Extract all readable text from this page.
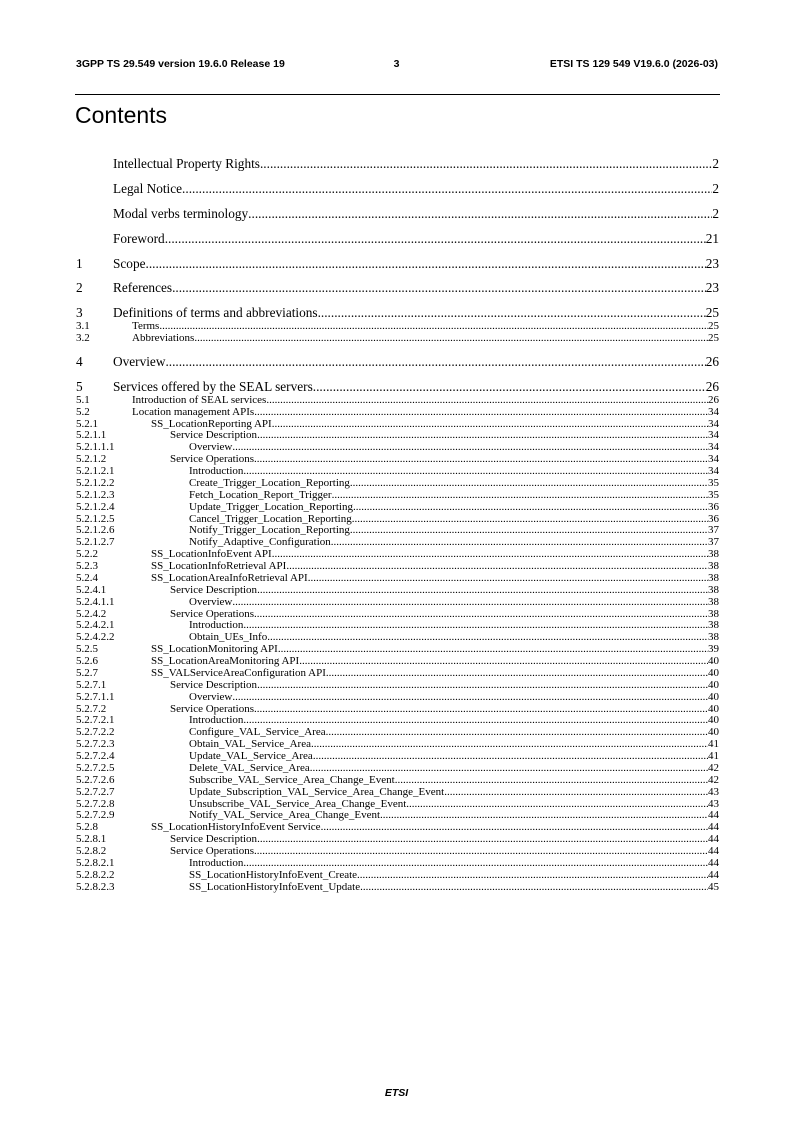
3GPP TS 29.549 version 19.6.0 Release 19	3	ETSI TS 129 549 V19.6.0 (2026-03)
Contents
Intellectual Property Rights .....	2
Legal Notice .....	2
Modal verbs terminology .....	2
Foreword .....	21
1	Scope .....	23
2	References .....	23
3	Definitions of terms and abbreviations .....	25
3.1	Terms .....	25
3.2	Abbreviations .....	25
4	Overview .....	26
5	Services offered by the SEAL servers .....	26
5.1	Introduction of SEAL services .....	26
5.2	Location management APIs .....	34
5.2.1	SS_LocationReporting API .....	34
5.2.1.1	Service Description .....	34
5.2.1.1.1	Overview .....	34
5.2.1.2	Service Operations .....	34
5.2.1.2.1	Introduction .....	34
5.2.1.2.2	Create_Trigger_Location_Reporting .....	35
5.2.1.2.3	Fetch_Location_Report_Trigger .....	35
5.2.1.2.4	Update_Trigger_Location_Reporting .....	36
5.2.1.2.5	Cancel_Trigger_Location_Reporting .....	36
5.2.1.2.6	Notify_Trigger_Location_Reporting .....	37
5.2.1.2.7	Notify_Adaptive_Configuration .....	37
5.2.2	SS_LocationInfoEvent API .....	38
5.2.3	SS_LocationInfoRetrieval API .....	38
5.2.4	SS_LocationAreaInfoRetrieval API .....	38
5.2.4.1	Service Description .....	38
5.2.4.1.1	Overview .....	38
5.2.4.2	Service Operations .....	38
5.2.4.2.1	Introduction .....	38
5.2.4.2.2	Obtain_UEs_Info .....	38
5.2.5	SS_LocationMonitoring API .....	39
5.2.6	SS_LocationAreaMonitoring API .....	40
5.2.7	SS_VALServiceAreaConfiguration API .....	40
5.2.7.1	Service Description .....	40
5.2.7.1.1	Overview .....	40
5.2.7.2	Service Operations .....	40
5.2.7.2.1	Introduction .....	40
5.2.7.2.2	Configure_VAL_Service_Area .....	40
5.2.7.2.3	Obtain_VAL_Service_Area .....	41
5.2.7.2.4	Update_VAL_Service_Area .....	41
5.2.7.2.5	Delete_VAL_Service_Area .....	42
5.2.7.2.6	Subscribe_VAL_Service_Area_Change_Event .....	42
5.2.7.2.7	Update_Subscription_VAL_Service_Area_Change_Event .....	43
5.2.7.2.8	Unsubscribe_VAL_Service_Area_Change_Event .....	43
5.2.7.2.9	Notify_VAL_Service_Area_Change_Event .....	44
5.2.8	SS_LocationHistoryInfoEvent Service .....	44
5.2.8.1	Service Description .....	44
5.2.8.2	Service Operations .....	44
5.2.8.2.1	Introduction .....	44
5.2.8.2.2	SS_LocationHistoryInfoEvent_Create .....	44
5.2.8.2.3	SS_LocationHistoryInfoEvent_Update .....	45
ETSI
